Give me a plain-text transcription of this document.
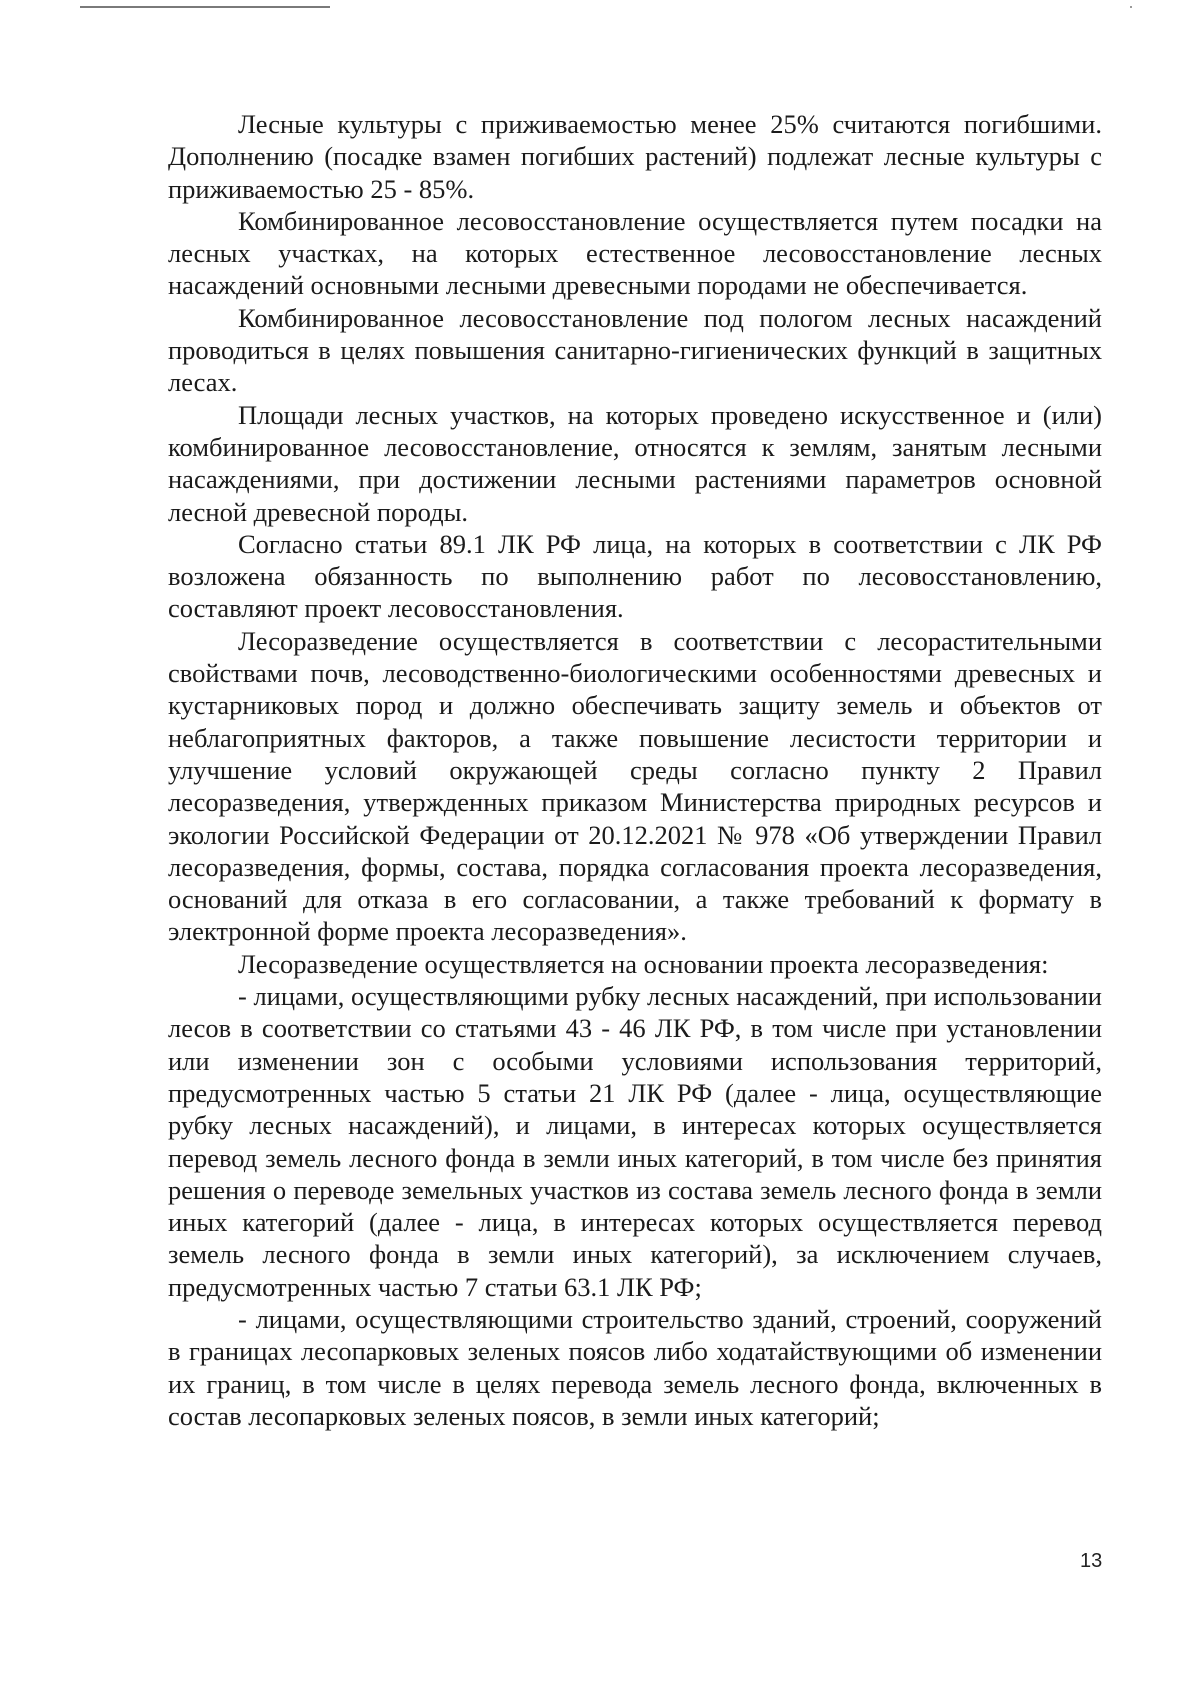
Лесные культуры с приживаемостью менее 25% считаются погибшими. Дополнению (посадке взамен погибших растений) подлежат лесные культуры с приживаемостью 25 - 85%.

Комбинированное лесовосстановление осуществляется путем посадки на лесных участках, на которых естественное лесовосстановление лесных насаждений основными лесными древесными породами не обеспечивается.

Комбинированное лесовосстановление под пологом лесных насаждений проводиться в целях повышения санитарно-гигиенических функций в защитных лесах.

Площади лесных участков, на которых проведено искусственное и (или) комбинированное лесовосстановление, относятся к землям, занятым лесными насаждениями, при достижении лесными растениями параметров основной лесной древесной породы.

Согласно статьи 89.1 ЛК РФ лица, на которых в соответствии с ЛК РФ возложена обязанность по выполнению работ по лесовосстановлению, составляют проект лесовосстановления.

Лесоразведение осуществляется в соответствии с лесорастительными свойствами почв, лесоводственно-биологическими особенностями древесных и кустарниковых пород и должно обеспечивать защиту земель и объектов от неблагоприятных факторов, а также повышение лесистости территории и улучшение условий окружающей среды согласно пункту 2 Правил лесоразведения, утвержденных приказом Министерства природных ресурсов и экологии Российской Федерации от 20.12.2021 № 978 «Об утверждении Правил лесоразведения, формы, состава, порядка согласования проекта лесоразведения, оснований для отказа в его согласовании, а также требований к формату в электронной форме проекта лесоразведения».

Лесоразведение осуществляется на основании проекта лесоразведения:

- лицами, осуществляющими рубку лесных насаждений, при использовании лесов в соответствии со статьями 43 - 46 ЛК РФ, в том числе при установлении или изменении зон с особыми условиями использования территорий, предусмотренных частью 5 статьи 21 ЛК РФ (далее - лица, осуществляющие рубку лесных насаждений), и лицами, в интересах которых осуществляется перевод земель лесного фонда в земли иных категорий, в том числе без принятия решения о переводе земельных участков из состава земель лесного фонда в земли иных категорий (далее - лица, в интересах которых осуществляется перевод земель лесного фонда в земли иных категорий), за исключением случаев, предусмотренных частью 7 статьи 63.1 ЛК РФ;

- лицами, осуществляющими строительство зданий, строений, сооружений в границах лесопарковых зеленых поясов либо ходатайствующими об изменении их границ, в том числе в целях перевода земель лесного фонда, включенных в состав лесопарковых зеленых поясов, в земли иных категорий;

13
